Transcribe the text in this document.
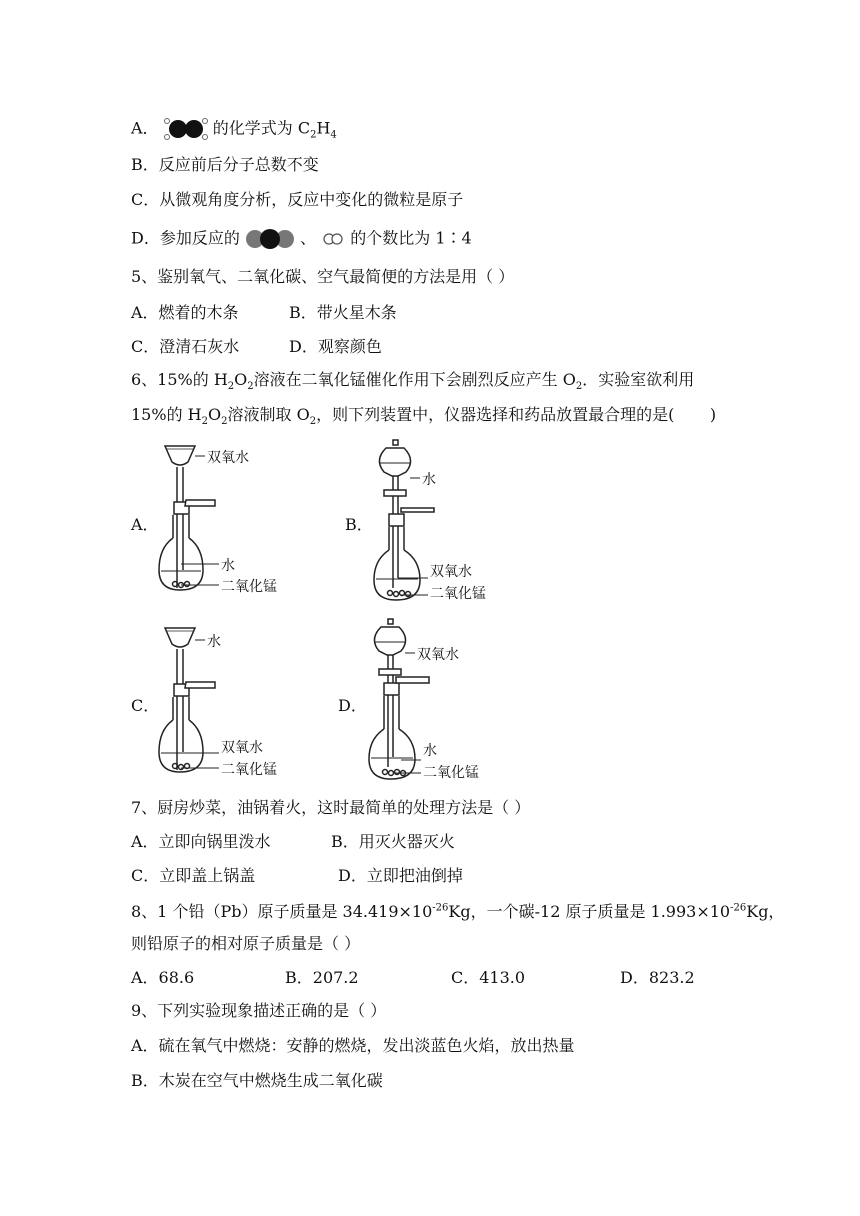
A．	的化学式为 $C_2H_4$
B．反应前后分子总数不变
C．从微观角度分析，反应中变化的微粒是原子
D．参加反应的	、 的个数比为 1∶4
5、鉴别氧气、二氧化碳、空气最简便的方法是用（ ）
A．燃着的木条	B．带火星木条
C．澄清石灰水	D．观察颜色
6、15%的 $H_2O_2$溶液在二氧化锰催化作用下会剧烈反应产生 $O_2$．实验室欲利用
15%的 $H_2O_2$溶液制取 $O_2$，则下列装置中，仪器选择和药品放置最合理的是(       )
A．	B．
C．	D．
双氧水
水
二氧化锰
水
双氧水
二氧化锰
水
双氧水
二氧化锰
双氧水
水
二氧化锰
7、厨房炒菜，油锅着火，这时最简单的处理方法是（ ）
A．立即向锅里泼水	B．用灭火器灭火
C．立即盖上锅盖	D．立即把油倒掉
8、1 个铅（Pb）原子质量是 $34.419\times 10^{-26}Kg$，一个碳-12 原子质量是 $1.993\times 10^{-26}Kg$，
则铅原子的相对原子质量是（ ）
A．68.6	B．207.2	C．413.0	D．823.2
9、下列实验现象描述正确的是（ ）
A．硫在氧气中燃烧：安静的燃烧，发出淡蓝色火焰，放出热量
B．木炭在空气中燃烧生成二氧化碳
